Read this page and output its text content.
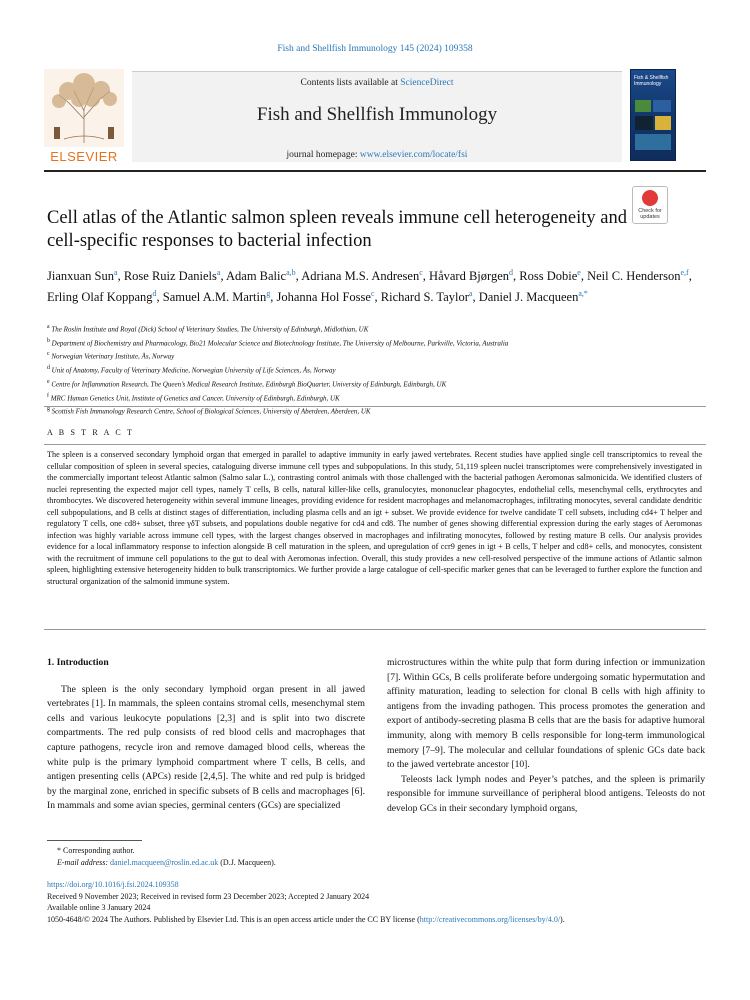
Fish and Shellfish Immunology 145 (2024) 109358
ELSEVIER
Contents lists available at ScienceDirect
Fish and Shellfish Immunology
journal homepage: www.elsevier.com/locate/fsi
Fish & Shellfish Immunology
Check for updates
Cell atlas of the Atlantic salmon spleen reveals immune cell heterogeneity and cell-specific responses to bacterial infection
Jianxuan Sun$^a$, Rose Ruiz Daniels$^a$, Adam Balic$^{a,b}$, Adriana M.S. Andresen$^c$, Håvard Bjørgen$^d$, Ross Dobie$^e$, Neil C. Henderson$^{e,f}$, Erling Olaf Koppang$^d$, Samuel A.M. Martin$^g$, Johanna Hol Fosse$^c$, Richard S. Taylor$^a$, Daniel J. Macqueen$^{a,*}$
$^a$ The Roslin Institute and Royal (Dick) School of Veterinary Studies, The University of Edinburgh, Midlothian, UK
$^b$ Department of Biochemistry and Pharmacology, Bio21 Molecular Science and Biotechnology Institute, The University of Melbourne, Parkville, Victoria, Australia
$^c$ Norwegian Veterinary Institute, Ås, Norway
$^d$ Unit of Anatomy, Faculty of Veterinary Medicine, Norwegian University of Life Sciences, Ås, Norway
$^e$ Centre for Inflammation Research, The Queen’s Medical Research Institute, Edinburgh BioQuarter, University of Edinburgh, Edinburgh, UK
$^f$ MRC Human Genetics Unit, Institute of Genetics and Cancer, University of Edinburgh, Edinburgh, UK
$^g$ Scottish Fish Immunology Research Centre, School of Biological Sciences, University of Aberdeen, Aberdeen, UK
A B S T R A C T
The spleen is a conserved secondary lymphoid organ that emerged in parallel to adaptive immunity in early jawed vertebrates. Recent studies have applied single cell transcriptomics to reveal the cellular composition of spleen in several species, cataloguing diverse immune cell types and subpopulations. In this study, 51,119 spleen nuclei transcriptomes were comprehensively investigated in the commercially important teleost Atlantic salmon (Salmo salar L.), contrasting control animals with those challenged with the bacterial pathogen Aeromonas salmonicida. We identified clusters of nuclei representing the expected major cell types, namely T cells, B cells, natural killer-like cells, granulocytes, mononuclear phagocytes, endothelial cells, mesenchymal cells, erythrocytes and thrombocytes. We discovered heterogeneity within several immune lineages, providing evidence for resident macrophages and melanomacrophages, infiltrating monocytes, several candidate dendritic cell subpopulations, and B cells at distinct stages of differentiation, including plasma cells and an igt + subset. We provide evidence for twelve candidate T cell subsets, including cd4+ T helper and regulatory T cells, one cd8+ subset, three γδT subsets, and populations double negative for cd4 and cd8. The number of genes showing differential expression during the early stages of Aeromonas infection was highly variable across immune cell types, with the largest changes observed in macrophages and infiltrating monocytes, followed by resting mature B cells. Our analysis provides evidence for a local inflammatory response to infection alongside B cell maturation in the spleen, and upregulation of ccr9 genes in igt + B cells, T helper and cd8+ cells, and monocytes, consistent with the recruitment of immune cell populations to the gut to deal with Aeromonas infection. Overall, this study provides a new cell-resolved perspective of the immune actions of Atlantic salmon spleen, highlighting extensive heterogeneity hidden to bulk transcriptomics. We further provide a large catalogue of cell-specific marker genes that can be leveraged to further explore the function and structural organization of the salmonid immune system.

1. Introduction

The spleen is the only secondary lymphoid organ present in all jawed vertebrates [1]. In mammals, the spleen contains stromal cells, mesenchymal stem cells and various leukocyte populations [2,3] and is split into two discrete compartments. The red pulp consists of red blood cells and macrophages that capture pathogens, recycle iron and remove damaged blood cells, whereas the white pulp is the primary lymphoid compartment where T cells, B cells, and antigen presenting cells (APCs) reside [2,4,5]. The white and red pulp is bridged by the marginal zone, enriched in specific subsets of B cells and macrophages [6]. In mammals and some avian species, germinal centers (GCs) are specialized

microstructures within the white pulp that form during infection or immunization [7]. Within GCs, B cells proliferate before undergoing somatic hypermutation and affinity maturation, leading to selection for clonal B cells with high affinity to antigens from the invading pathogen. This process promotes the generation and export of antibody-secreting plasma B cells that are the basis for adaptive humoral immunity, along with memory B cells responsible for long-term immunological memory [7–9]. The molecular and cellular foundations of splenic GCs date back to the jawed vertebrate ancestor [10].

Teleosts lack lymph nodes and Peyer’s patches, and the spleen is primarily responsible for immune surveillance of peripheral blood antigens. Teleosts do not develop GCs in their secondary lymphoid organs,

* Corresponding author.
E-mail address: daniel.macqueen@roslin.ed.ac.uk (D.J. Macqueen).
https://doi.org/10.1016/j.fsi.2024.109358
Received 9 November 2023; Received in revised form 23 December 2023; Accepted 2 January 2024
Available online 3 January 2024
1050-4648/© 2024 The Authors. Published by Elsevier Ltd. This is an open access article under the CC BY license (http://creativecommons.org/licenses/by/4.0/).
